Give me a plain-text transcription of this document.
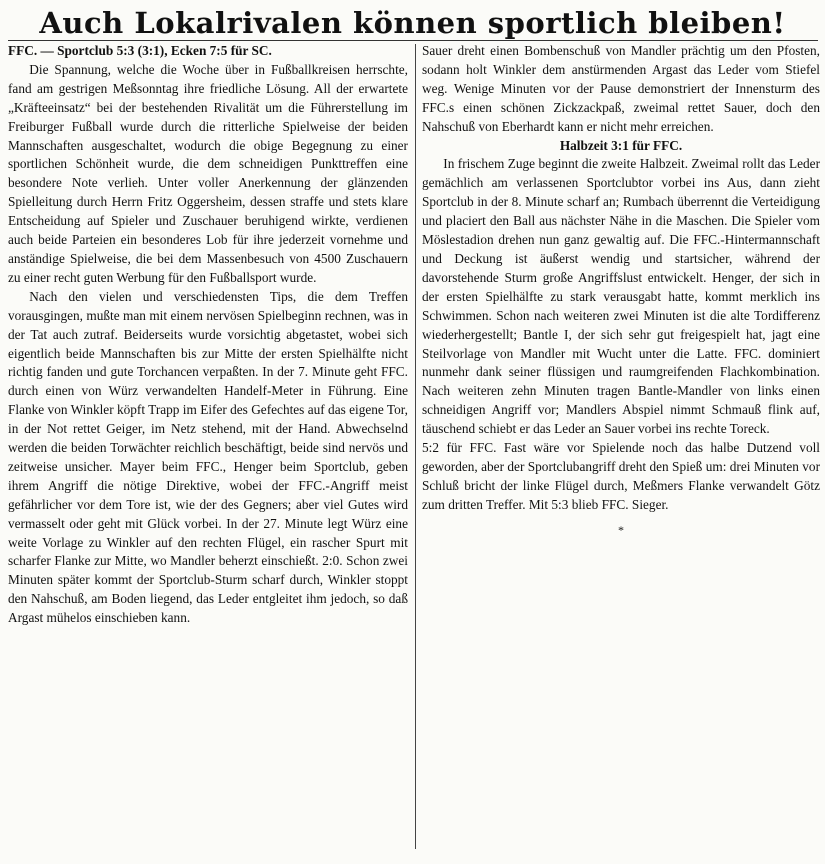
Auch Lokalrivalen können sportlich bleiben!

FFC. — Sportclub 5:3 (3:1), Ecken 7:5 für SC.

Die Spannung, welche die Woche über in Fußballkreisen herrschte, fand am gestrigen Meßsonntag ihre friedliche Lösung. All der erwartete „Kräfteeinsatz“ bei der bestehenden Rivalität um die Führerstellung im Freiburger Fußball wurde durch die ritterliche Spielweise der beiden Mannschaften ausgeschaltet, wodurch die obige Begegnung zu einer sportlichen Schönheit wurde, die dem schneidigen Punkttreffen eine besondere Note verlieh. Unter voller Anerkennung der glänzenden Spielleitung durch Herrn Fritz Oggersheim, dessen straffe und stets klare Entscheidung auf Spieler und Zuschauer beruhigend wirkte, verdienen auch beide Parteien ein besonderes Lob für ihre jederzeit vornehme und anständige Spielweise, die bei dem Massenbesuch von 4500 Zuschauern zu einer recht guten Werbung für den Fußballsport wurde.

Nach den vielen und verschiedensten Tips, die dem Treffen vorausgingen, mußte man mit einem nervösen Spielbeginn rechnen, was in der Tat auch zutraf. Beiderseits wurde vorsichtig abgetastet, wobei sich eigentlich beide Mannschaften bis zur Mitte der ersten Spielhälfte nicht richtig fanden und gute Torchancen verpaßten. In der 7. Minute geht FFC. durch einen von Würz verwandelten Handelf-Meter in Führung. Eine Flanke von Winkler köpft Trapp im Eifer des Gefechtes auf das eigene Tor, in der Not rettet Geiger, im Netz stehend, mit der Hand. Abwechselnd werden die beiden Torwächter reichlich beschäftigt, beide sind nervös und zeitweise unsicher. Mayer beim FFC., Henger beim Sportclub, geben ihrem Angriff die nötige Direktive, wobei der FFC.-Angriff meist gefährlicher vor dem Tore ist, wie der des Gegners; aber viel Gutes wird vermasselt oder geht mit Glück vorbei. In der 27. Minute legt Würz eine weite Vorlage zu Winkler auf den rechten Flügel, ein rascher Spurt mit scharfer Flanke zur Mitte, wo Mandler beherzt einschießt. 2:0. Schon zwei Minuten später kommt der Sportclub-Sturm scharf durch, Winkler stoppt den Nahschuß, am Boden liegend, das Leder entgleitet ihm jedoch, so daß Argast mühelos einschieben kann.

Sauer dreht einen Bombenschuß von Mandler prächtig um den Pfosten, sodann holt Winkler dem anstürmenden Argast das Leder vom Stiefel weg. Wenige Minuten vor der Pause demonstriert der Innensturm des FFC.s einen schönen Zickzackpaß, zweimal rettet Sauer, doch den Nahschuß von Eberhardt kann er nicht mehr erreichen.

Halbzeit 3:1 für FFC.

In frischem Zuge beginnt die zweite Halbzeit. Zweimal rollt das Leder gemächlich am verlassenen Sportclubtor vorbei ins Aus, dann zieht Sportclub in der 8. Minute scharf an; Rumbach überrennt die Verteidigung und placiert den Ball aus nächster Nähe in die Maschen. Die Spieler vom Möslestadion drehen nun ganz gewaltig auf. Die FFC.-Hintermannschaft und Deckung ist äußerst wendig und startsicher, während der davorstehende Sturm große Angriffslust entwickelt. Henger, der sich in der ersten Spielhälfte zu stark verausgabt hatte, kommt merklich ins Schwimmen. Schon nach weiteren zwei Minuten ist die alte Tordifferenz wiederhergestellt; Bantle I, der sich sehr gut freigespielt hat, jagt eine Steilvorlage von Mandler mit Wucht unter die Latte. FFC. dominiert nunmehr dank seiner flüssigen und raumgreifenden Flachkombination. Nach weiteren zehn Minuten tragen Bantle-Mandler von links einen schneidigen Angriff vor; Mandlers Abspiel nimmt Schmauß flink auf, täuschend schiebt er das Leder an Sauer vorbei ins rechte Toreck.

5:2 für FFC. Fast wäre vor Spielende noch das halbe Dutzend voll geworden, aber der Sportclubangriff dreht den Spieß um: drei Minuten vor Schluß bricht der linke Flügel durch, Meßmers Flanke verwandelt Götz zum dritten Treffer. Mit 5:3 blieb FFC. Sieger.

*
